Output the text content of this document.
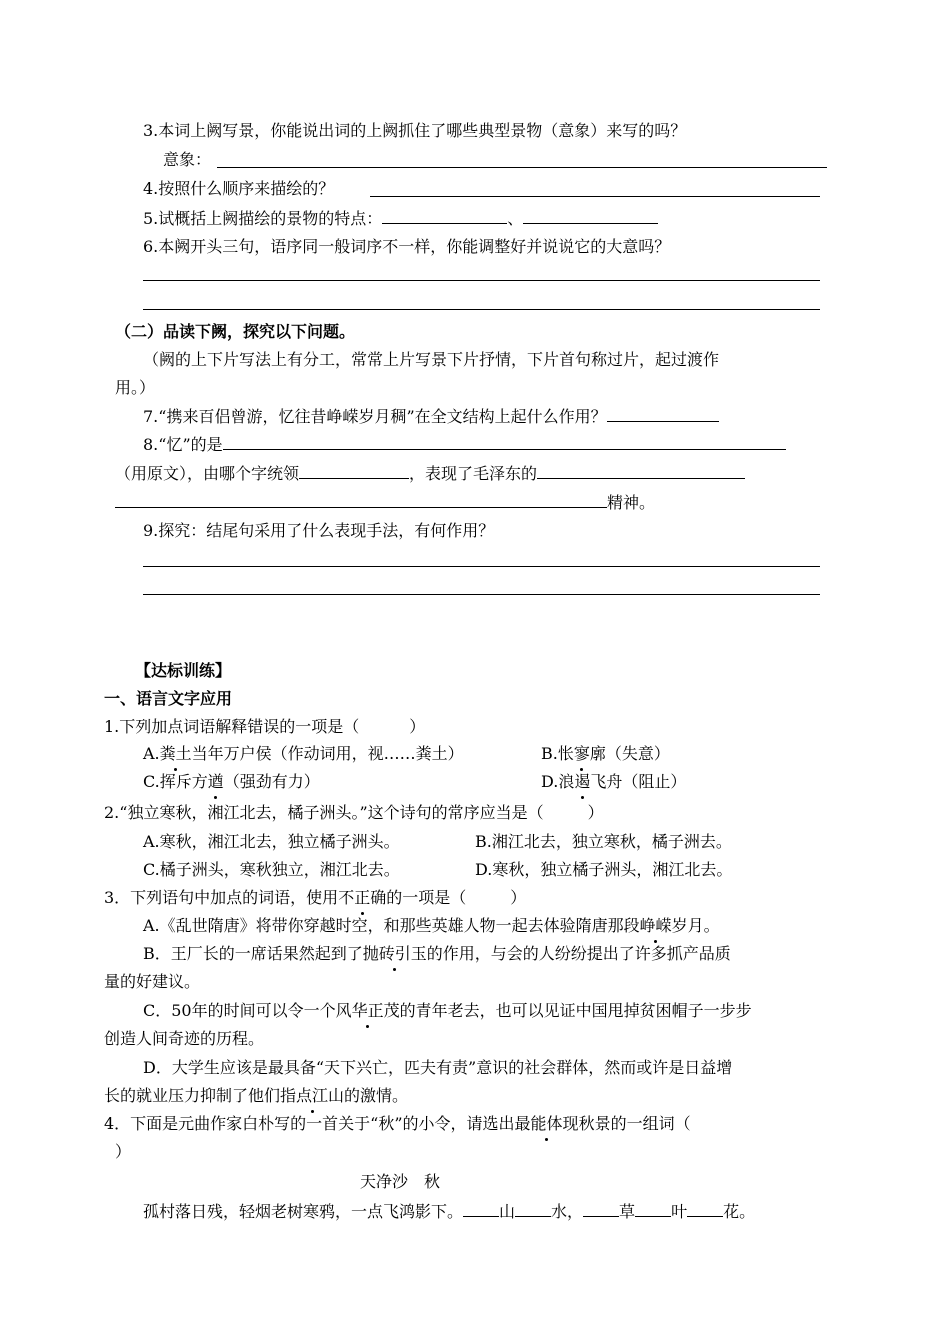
3.本词上阙写景，你能说出词的上阙抓住了哪些典型景物（意象）来写的吗？
意象：
4.按照什么顺序来描绘的？
5.试概括上阙描绘的景物的特点：	、
6.本阙开头三句，语序同一般词序不一样，你能调整好并说说它的大意吗？
（二）品读下阙，探究以下问题。
（阙的上下片写法上有分工，常常上片写景下片抒情，下片首句称过片，起过渡作
用。）
7.“携来百侣曾游，忆往昔峥嵘岁月稠”在全文结构上起什么作用？
8.“忆”的是
（用原文），由哪个字统领	，表现了毛泽东的
精神。
9.探究：结尾句采用了什么表现手法，有何作用？
【达标训练】
一、语言文字应用
1.下列加点词语解释错误的一项是（	）
A.粪土当年万户侯（作动词用，视……粪土）	B.怅寥廓（失意）
C.挥斥方遒（强劲有力）	D.浪遏飞舟（阻止）
2.“独立寒秋，湘江北去，橘子洲头。”这个诗句的常序应当是（	）
A.寒秋，湘江北去，独立橘子洲头。	B.湘江北去，独立寒秋，橘子洲去。
C.橘子洲头，寒秋独立，湘江北去。	D.寒秋，独立橘子洲头，湘江北去。
3．下列语句中加点的词语，使用不正确的一项是（	）
A.《乱世隋唐》将带你穿越时空，和那些英雄人物一起去体验隋唐那段峥嵘岁月。
B．王厂长的一席话果然起到了抛砖引玉的作用，与会的人纷纷提出了许多抓产品质
量的好建议。
C．50年的时间可以令一个风华正茂的青年老去，也可以见证中国甩掉贫困帽子一步步
创造人间奇迹的历程。
D．大学生应该是最具备“天下兴亡，匹夫有责”意识的社会群体，然而或许是日益增
长的就业压力抑制了他们指点江山的激情。
4．下面是元曲作家白朴写的一首关于“秋”的小令，请选出最能体现秋景的一组词（
）
天净沙　秋
孤村落日残，轻烟老树寒鸦，一点飞鸿影下。 山 水， 草 叶 花。
